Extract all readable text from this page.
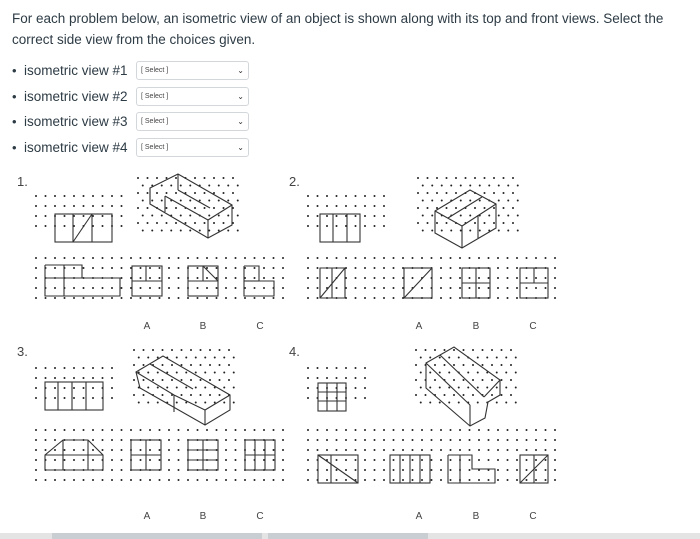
For each problem below, an isometric view of an object is shown along with its top and front views. Select the correct side view from the choices given.
• isometric view #1	[ Select ]	⌄
• isometric view #2	[ Select ]	⌄
• isometric view #3	[ Select ]	⌄
• isometric view #4	[ Select ]	⌄
1.	2.
3.	4.
A	B	C	A	B	C
A	B	C	A	B	C
